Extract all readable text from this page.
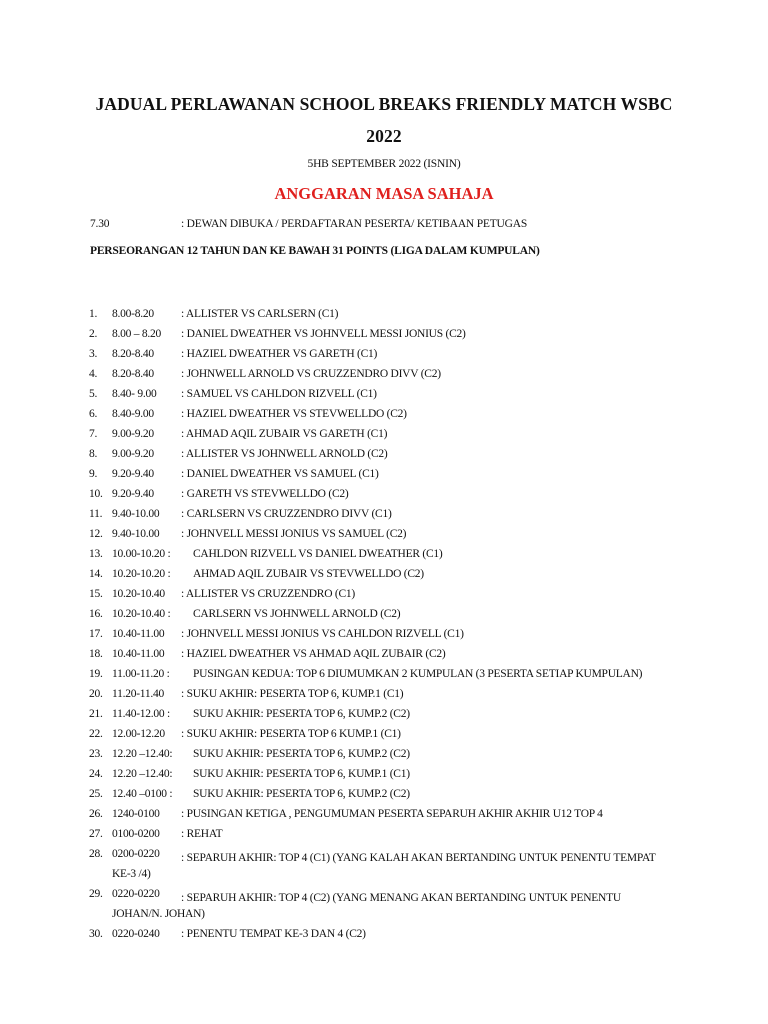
JADUAL PERLAWANAN SCHOOL BREAKS FRIENDLY MATCH WSBC
2022
5HB SEPTEMBER 2022 (ISNIN)
ANGGARAN MASA SAHAJA
7.30	: DEWAN DIBUKA / PERDAFTARAN PESERTA/ KETIBAAN PETUGAS
PERSEORANGAN 12 TAHUN DAN KE BAWAH 31 POINTS (LIGA DALAM KUMPULAN)
1.	8.00-8.20 : ALLISTER VS CARLSERN (C1)
2.	8.00 – 8.20 : DANIEL DWEATHER VS JOHNVELL MESSI JONIUS (C2)
3.	8.20-8.40 : HAZIEL DWEATHER VS GARETH (C1)
4.	8.20-8.40 : JOHNWELL ARNOLD VS CRUZZENDRO DIVV (C2)
5.	8.40- 9.00 : SAMUEL VS CAHLDON RIZVELL (C1)
6.	8.40-9.00 : HAZIEL DWEATHER VS STEVWELLDO (C2)
7.	9.00-9.20 : AHMAD AQIL ZUBAIR VS GARETH (C1)
8.	9.00-9.20 : ALLISTER VS JOHNWELL ARNOLD (C2)
9.	9.20-9.40 : DANIEL DWEATHER VS SAMUEL (C1)
10. 9.20-9.40 : GARETH VS STEVWELLDO (C2)
11. 9.40-10.00 : CARLSERN VS CRUZZENDRO DIVV (C1)
12. 9.40-10.00 : JOHNVELL MESSI JONIUS VS SAMUEL (C2)
13. 10.00-10.20 : CAHLDON RIZVELL VS DANIEL DWEATHER (C1)
14. 10.20-10.20 : AHMAD AQIL ZUBAIR VS STEVWELLDO (C2)
15. 10.20-10.40 : ALLISTER VS CRUZZENDRO (C1)
16. 10.20-10.40 : CARLSERN VS JOHNWELL ARNOLD (C2)
17. 10.40-11.00 : JOHNVELL MESSI JONIUS VS CAHLDON RIZVELL (C1)
18. 10.40-11.00 : HAZIEL DWEATHER VS AHMAD AQIL ZUBAIR (C2)
19. 11.00-11.20 : PUSINGAN KEDUA: TOP 6 DIUMUMKAN 2 KUMPULAN (3 PESERTA SETIAP KUMPULAN)
20. 11.20-11.40 : SUKU AKHIR: PESERTA TOP 6, KUMP.1 (C1)
21. 11.40-12.00 : SUKU AKHIR: PESERTA TOP 6, KUMP.2 (C2)
22. 12.00-12.20 : SUKU AKHIR: PESERTA TOP 6 KUMP.1 (C1)
23. 12.20 –12.40: SUKU AKHIR: PESERTA TOP 6, KUMP.2 (C2)
24. 12.20 –12.40: SUKU AKHIR: PESERTA TOP 6, KUMP.1 (C1)
25. 12.40 –0100 : SUKU AKHIR: PESERTA TOP 6, KUMP.2 (C2)
26. 1240-0100 : PUSINGAN KETIGA , PENGUMUMAN PESERTA SEPARUH AKHIR AKHIR U12 TOP 4
27. 0100-0200 : REHAT
28. 0200-0220 : SEPARUH AKHIR: TOP 4 (C1) (YANG KALAH AKAN BERTANDING UNTUK PENENTU TEMPAT
KE-3 /4)
29. 0220-0220 : SEPARUH AKHIR: TOP 4 (C2) (YANG MENANG AKAN BERTANDING UNTUK PENENTU
JOHAN/N. JOHAN)
30. 0220-0240 : PENENTU TEMPAT KE-3 DAN 4 (C2)
